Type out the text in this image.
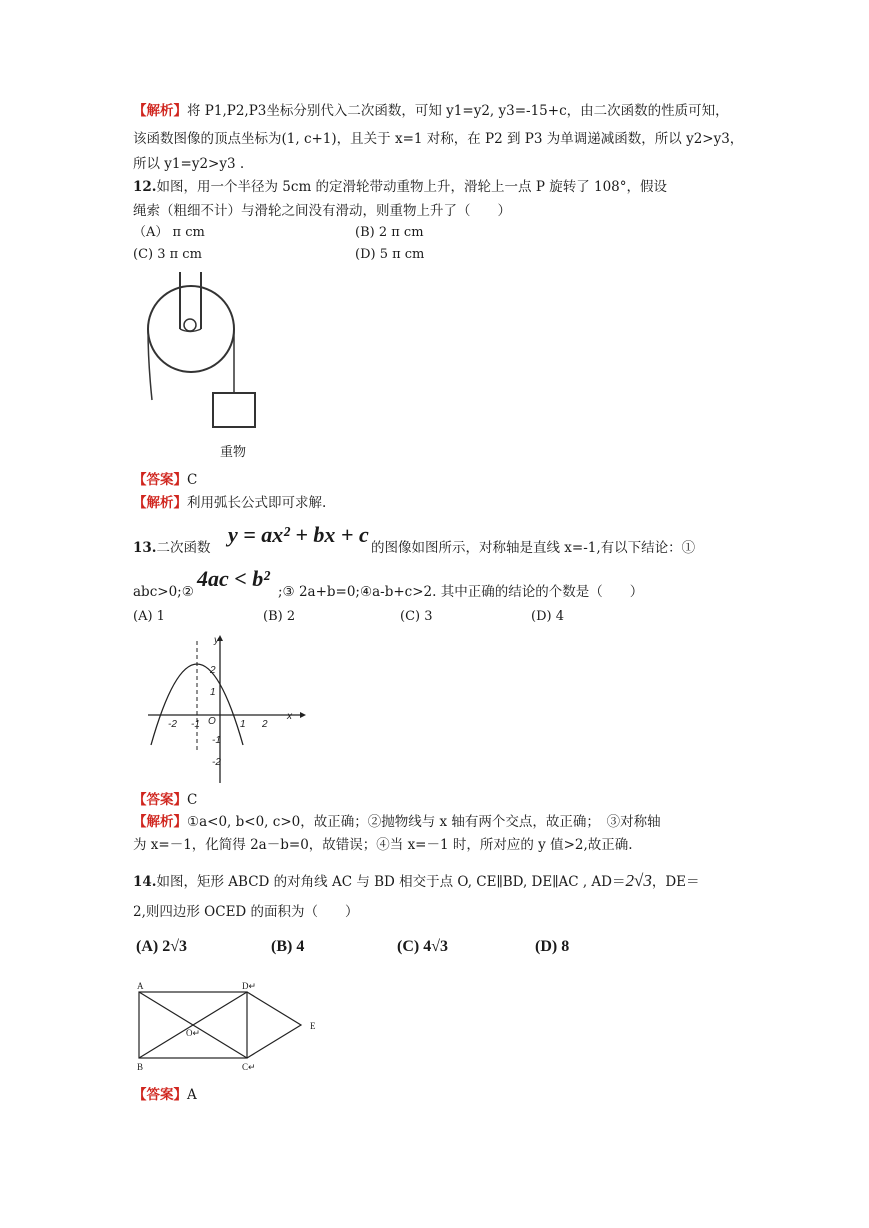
【解析】将 P1,P2,P3坐标分别代入二次函数，可知 y1=y2, y3=-15+c，由二次函数的性质可知，
该函数图像的顶点坐标为(1, c+1)，且关于 x=1 对称，在 P2 到 P3 为单调递减函数，所以 y2>y3，
所以 y1=y2>y3 .
12.如图，用一个半径为 5cm 的定滑轮带动重物上升，滑轮上一点 P 旋转了 108°，假设
绳索（粗细不计）与滑轮之间没有滑动，则重物上升了（　　）
（A） π cm	(B) 2 π cm
(C) 3 π cm	(D) 5 π cm
重物
【答案】C
【解析】利用弧长公式即可求解.
13.二次函数
y = ax² + bx + c
的图像如图所示，对称轴是直线 x=-1,有以下结论：①
abc>0;②
4ac < b²
;③ 2a+b=0;④a-b+c>2. 其中正确的结论的个数是（　　）
(A) 1	(B) 2	(C) 3	(D) 4
y
x
O
2
1
-1
-2
-2 -1	1 2
【答案】C
【解析】①a<0, b<0, c>0，故正确；②抛物线与 x 轴有两个交点，故正确；　③对称轴
为 x=－1，化简得 2a－b=0，故错误；④当 x=－1 时，所对应的 y 值>2,故正确.
14.如图，矩形 ABCD 的对角线 AC 与 BD 相交于点 O, CE∥BD, DE∥AC , AD＝2√3，DE＝
2,则四边形 OCED 的面积为（　　）
(A) 2√3	(B) 4	(C) 4√3	(D) 8
A	D↵
O↵
E
B	C↵
【答案】A
